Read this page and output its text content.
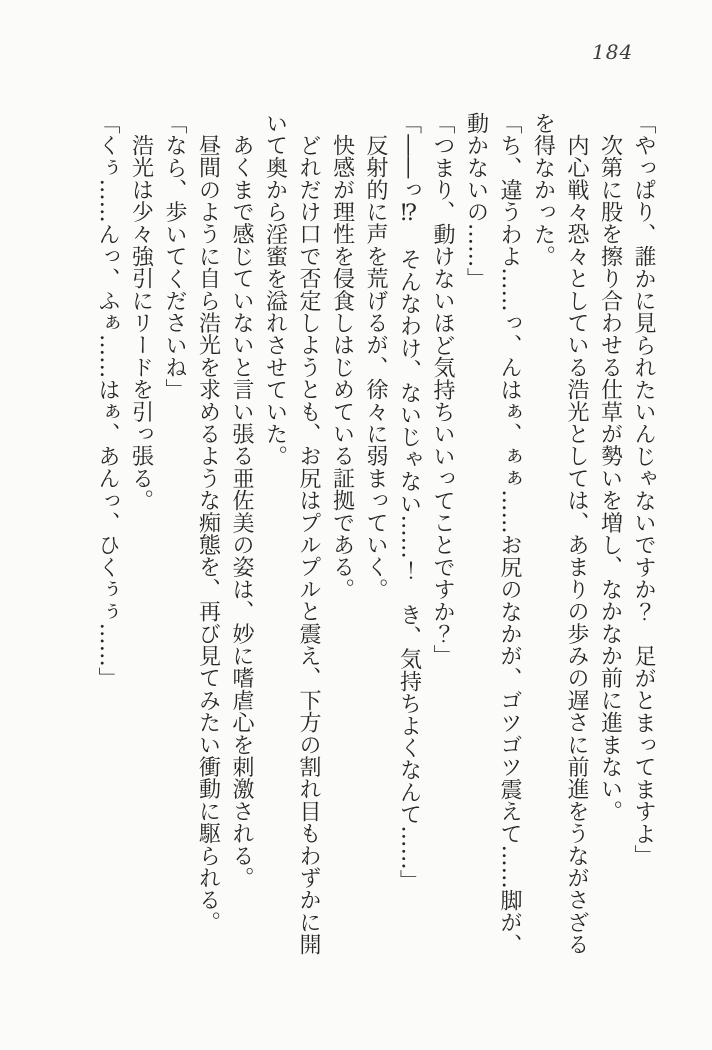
184

「やっぱり、誰かに見られたいんじゃないですか？　足がとまってますよ」

次第に股を擦り合わせる仕草が勢いを増し、なかなか前に進まない。

内心戦々恐々としている浩光としては、あまりの歩みの遅さに前進をうながさざる

を得なかった。

「ち、違うわよ……っ、んはぁ、ぁぁ……お尻のなかが、ゴツゴツ震えて……脚が、

動かないの……」

「つまり、動けないほど気持ちいいってことですか？」

「――っ⁉　そんなわけ、ないじゃない……！　き、気持ちよくなんて……」

反射的に声を荒げるが、徐々に弱まっていく。

快感が理性を侵食しはじめている証拠である。

どれだけ口で否定しようとも、お尻はプルプルと震え、下方の割れ目もわずかに開

いて奥から淫蜜を溢れさせていた。

あくまで感じていないと言い張る亜佐美の姿は、妙に嗜虐心を刺激される。

昼間のように自ら浩光を求めるような痴態を、再び見てみたい衝動に駆られる。

「なら、歩いてくださいね」

浩光は少々強引にリードを引っ張る。

「くぅ……んっ、ふぁ……はぁ、あんっ、ひくぅぅ……」
